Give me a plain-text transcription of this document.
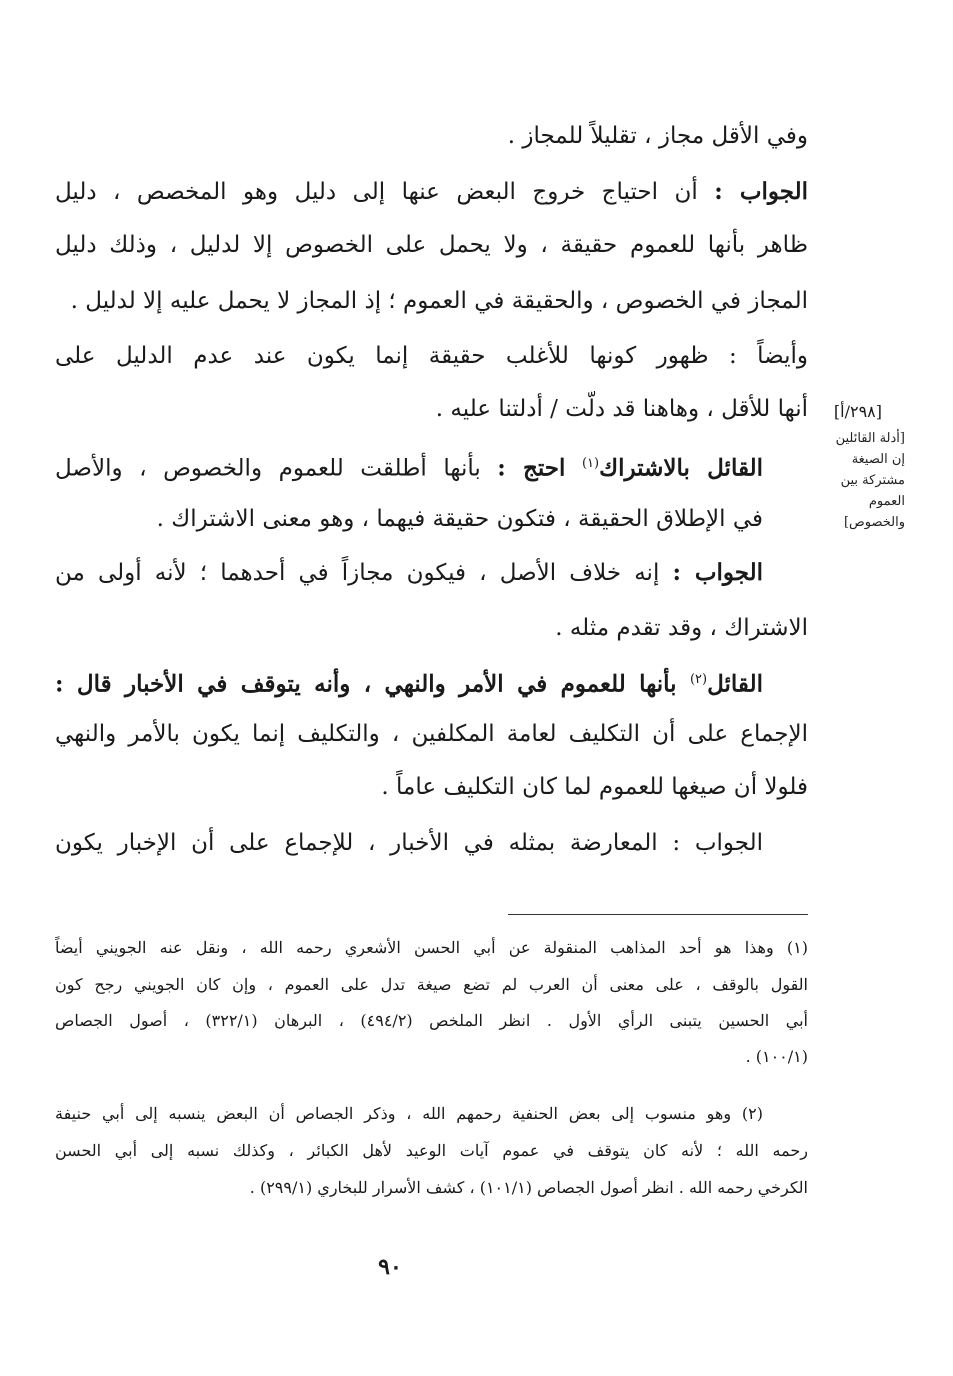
وفي الأقل مجاز ، تقليلاً للمجاز .

الجواب : أن احتياج خروج البعض عنها إلى دليل وهو المخصص ، دليل

ظاهر بأنها للعموم حقيقة ، ولا يحمل على الخصوص إلا لدليل ، وذلك دليل

المجاز في الخصوص ، والحقيقة في العموم ؛ إذ المجاز لا يحمل عليه إلا لدليل .

وأيضاً : ظهور كونها للأغلب حقيقة إنما يكون عند عدم الدليل على

أنها للأقل ، وهاهنا قد دلّت / أدلتنا عليه .	[٢٩٨/أ]

القائل بالاشتراك$^{(١)}$ احتج : بأنها أطلقت للعموم والخصوص ، والأصل

في الإطلاق الحقيقة ، فتكون حقيقة فيهما ، وهو معنى الاشتراك .

الجواب : إنه خلاف الأصل ، فيكون مجازاً في أحدهما ؛ لأنه أولى من

الاشتراك ، وقد تقدم مثله .

القائل$^{(٢)}$ بأنها للعموم في الأمر والنهي ، وأنه يتوقف في الأخبار قال :

الإجماع على أن التكليف لعامة المكلفين ، والتكليف إنما يكون بالأمر والنهي

فلولا أن صيغها للعموم لما كان التكليف عاماً .

الجواب : المعارضة بمثله في الأخبار ، للإجماع على أن الإخبار يكون

[أدلة القائلين
إن الصيغة
مشتركة بين
العموم
والخصوص]

(١) وهذا هو أحد المذاهب المنقولة عن أبي الحسن الأشعري رحمه الله ، ونقل عنه الجويني أيضاً

القول بالوقف ، على معنى أن العرب لم تضع صيغة تدل على العموم ، وإن كان الجويني رجح كون

أبي الحسين يتبنى الرأي الأول . انظر الملخص (٤٩٤/٢) ، البرهان (٣٢٢/١) ، أصول الجصاص

(١٠٠/١) .

(٢) وهو منسوب إلى بعض الحنفية رحمهم الله ، وذكر الجصاص أن البعض ينسبه إلى أبي حنيفة

رحمه الله ؛ لأنه كان يتوقف في عموم آيات الوعيد لأهل الكبائر ، وكذلك نسبه إلى أبي الحسن

الكرخي رحمه الله . انظر أصول الجصاص (١٠١/١) ، كشف الأسرار للبخاري (٢٩٩/١) .

٩٠
